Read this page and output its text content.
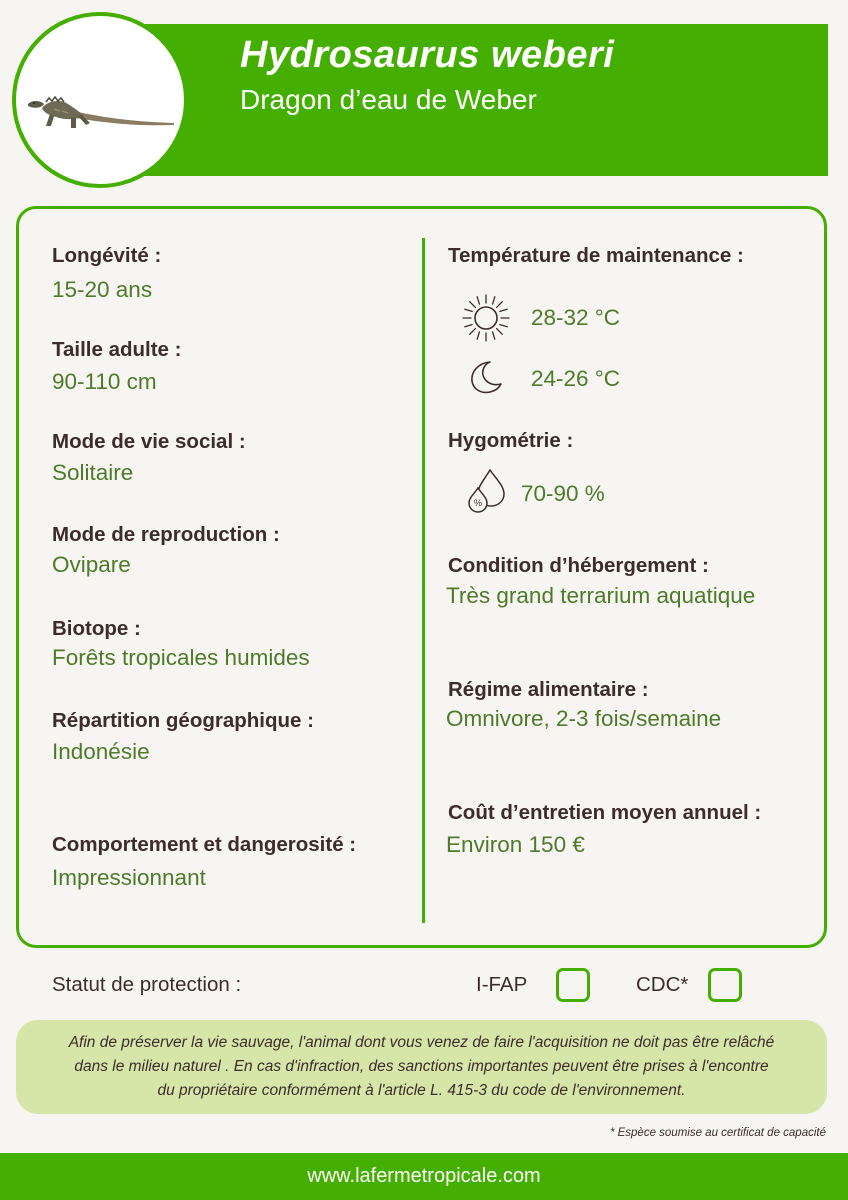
Hydrosaurus weberi
Dragon d’eau de Weber
Longévité :
15-20 ans
Taille adulte :
90-110 cm
Mode de vie social :
Solitaire
Mode de reproduction :
Ovipare
Biotope :
Forêts tropicales humides
Répartition géographique :
Indonésie
Comportement et dangerosité :
Impressionnant
Température de maintenance :
28-32 °C
24-26 °C
Hygométrie :
% 70-90 %
Condition d’hébergement :
Très grand terrarium aquatique
Régime alimentaire :
Omnivore, 2-3 fois/semaine
Coût d’entretien moyen annuel :
Environ 150 €
Statut de protection :	I-FAP	CDC*

Afin de préserver la vie sauvage, l'animal dont vous venez de faire l'acquisition ne doit pas être relâché dans le milieu naturel . En cas d'infraction, des sanctions importantes peuvent être prises à l'encontre du propriétaire conformément à l'article L. 415-3 du code de l'environnement.

* Espèce soumise au certificat de capacité
www.lafermetropicale.com
